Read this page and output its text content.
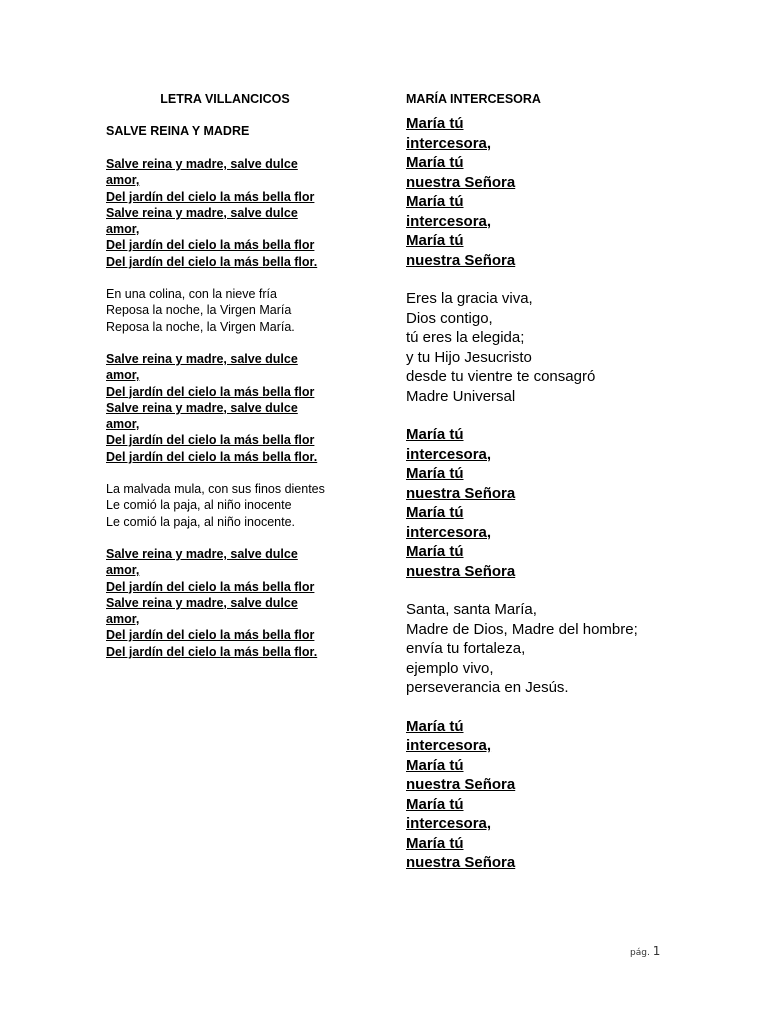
LETRA VILLANCICOS
SALVE REINA Y MADRE
Salve reina y madre, salve dulce
amor,
Del jardín del cielo la más bella flor
Salve reina y madre, salve dulce
amor,
Del jardín del cielo la más bella flor
Del jardín del cielo la más bella flor.
En una colina, con la nieve fría
Reposa la noche, la Virgen María
Reposa la noche, la Virgen María.
Salve reina y madre, salve dulce
amor,
Del jardín del cielo la más bella flor
Salve reina y madre, salve dulce
amor,
Del jardín del cielo la más bella flor
Del jardín del cielo la más bella flor.
La malvada mula, con sus finos dientes
Le comió la paja, al niño inocente
Le comió la paja, al niño inocente.
Salve reina y madre, salve dulce
amor,
Del jardín del cielo la más bella flor
Salve reina y madre, salve dulce
amor,
Del jardín del cielo la más bella flor
Del jardín del cielo la más bella flor.
MARÍA INTERCESORA
María tú
intercesora,
María tú
nuestra Señora
María tú
intercesora,
María tú
nuestra Señora
Eres la gracia viva,
Dios contigo,
tú eres la elegida;
y tu Hijo Jesucristo
desde tu vientre te consagró
Madre Universal
María tú
intercesora,
María tú
nuestra Señora
María tú
intercesora,
María tú
nuestra Señora
Santa, santa María,
Madre de Dios, Madre del hombre;
envía tu fortaleza,
ejemplo vivo,
perseverancia en Jesús.
María tú
intercesora,
María tú
nuestra Señora
María tú
intercesora,
María tú
nuestra Señora
pág. 1
